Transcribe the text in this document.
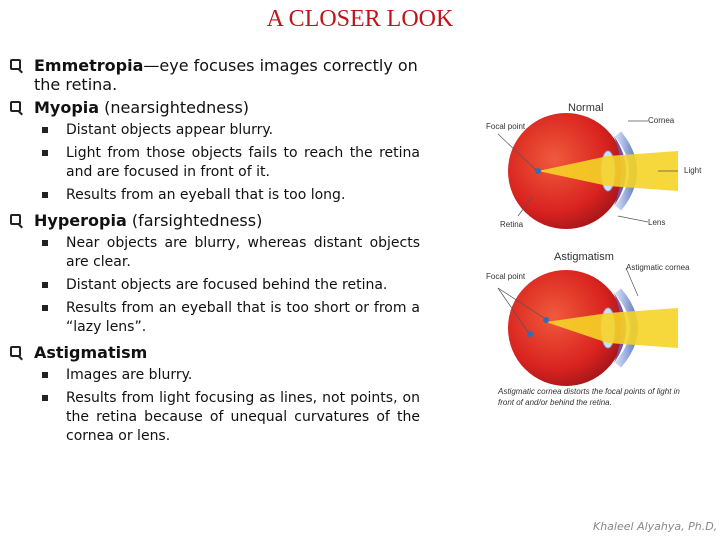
A CLOSER LOOK
Emmetropia—eye focuses images correctly on the retina.
Myopia (nearsightedness)
Distant objects appear blurry.
Light from those objects fails to reach the retina and are focused in front of it.
Results from an eyeball that is too long.
Hyperopia (farsightedness)
Near objects are blurry, whereas distant objects are clear.
Distant objects are focused behind the retina.
Results from an eyeball that is too short or from a “lazy lens”.
Astigmatism
Images are blurry.
Results from light focusing as lines, not points, on the retina because of unequal curvatures of the cornea or lens.
Normal
Focal point
Cornea
Light
Retina	Lens
Astigmatism
Focal point
Astigmatic cornea
Astigmatic cornea distorts the focal points of light in front of and/or behind the retina.
Khaleel Alyahya, Ph.D,
